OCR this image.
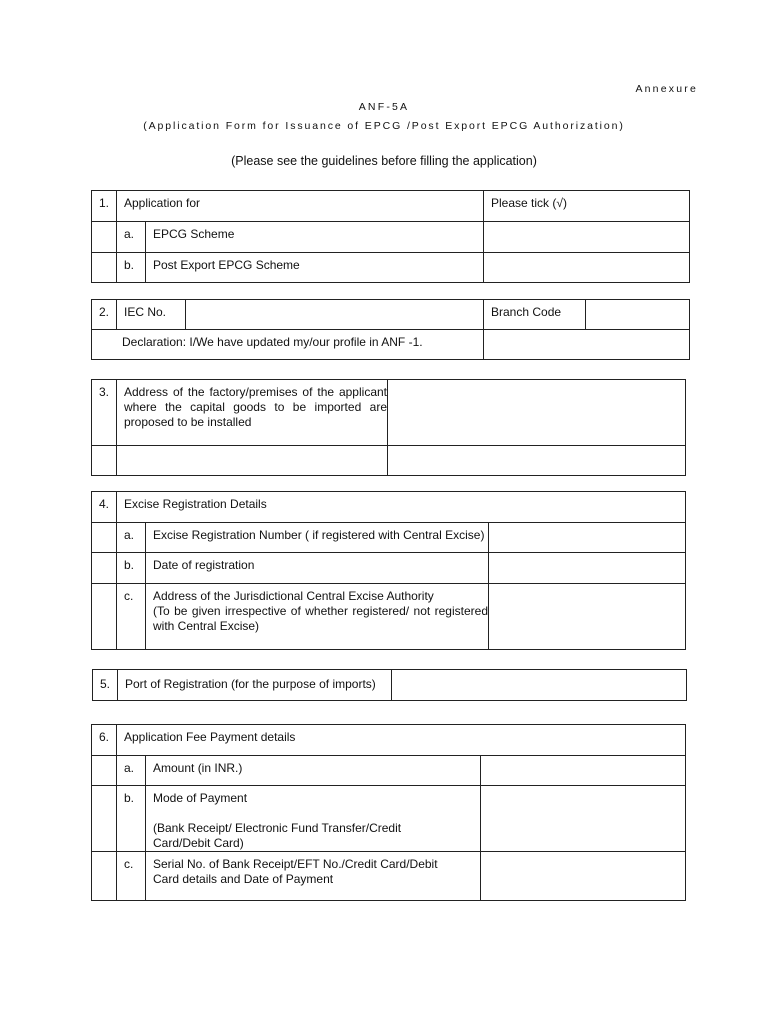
Annexure
ANF-5A
(Application Form for Issuance of EPCG /Post Export EPCG Authorization)
(Please see the guidelines before filling the application)
1.	Application for		Please tick (√)
	a.	EPCG Scheme	
	b.	Post Export EPCG Scheme	
2.	IEC No.		Branch Code	
Declaration: I/We have updated my/our profile in ANF -1.				
3.	Address of the factory/premises of the applicant where the capital goods to be imported are proposed to be installed	

4.	Excise Registration Details		
	a.	Excise Registration Number ( if registered with Central Excise)	
	b.	Date of registration	
	c.	Address of the Jurisdictional Central Excise Authority
(To be given irrespective of whether registered/ not registered with Central Excise)	
5.	Port of Registration (for the purpose of imports)	
6.	Application Fee Payment details		
	a.	Amount (in INR.)	
	b.	Mode of Payment
(Bank Receipt/ Electronic Fund Transfer/Credit Card/Debit Card)	

	c.	Serial No. of Bank Receipt/EFT No./Credit Card/Debit Card details and Date of Payment	
